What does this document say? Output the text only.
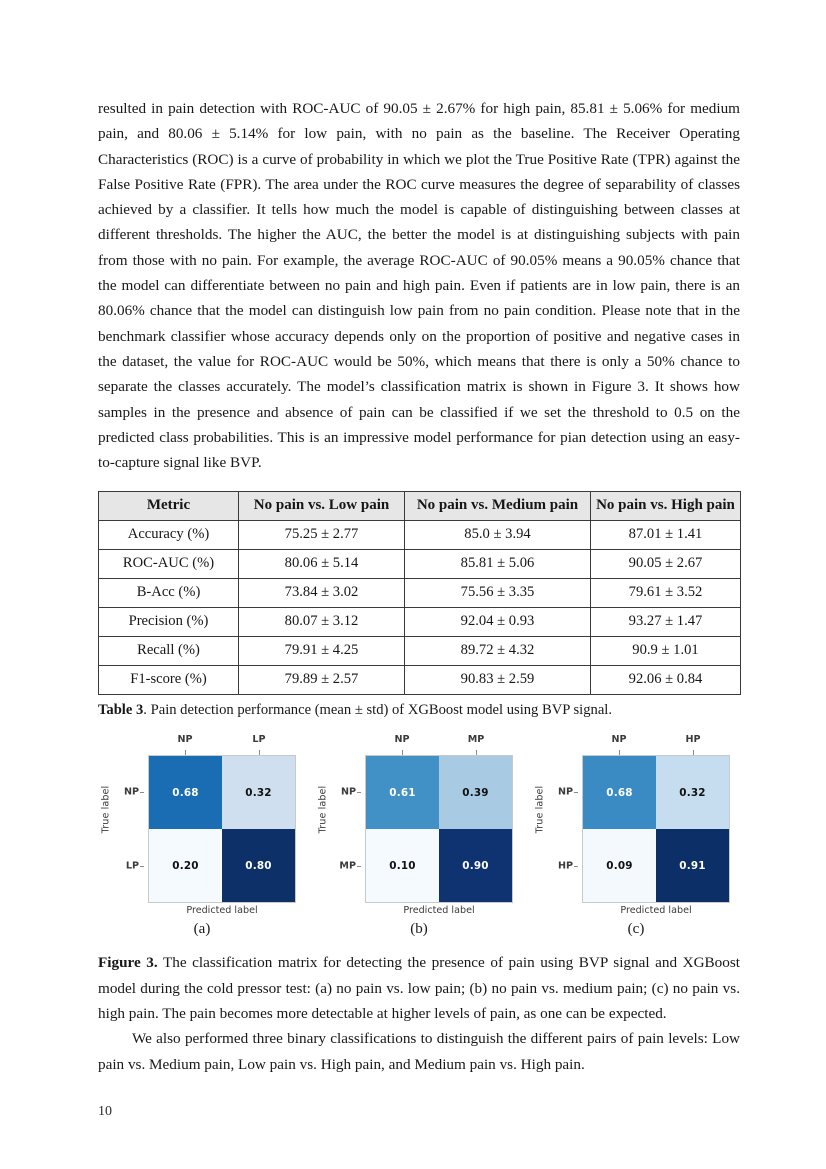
resulted in pain detection with ROC-AUC of 90.05 ± 2.67% for high pain, 85.81 ± 5.06% for medium pain, and 80.06 ± 5.14% for low pain, with no pain as the baseline. The Receiver Operating Characteristics (ROC) is a curve of probability in which we plot the True Positive Rate (TPR) against the False Positive Rate (FPR). The area under the ROC curve measures the degree of separability of classes achieved by a classifier. It tells how much the model is capable of distinguishing between classes at different thresholds. The higher the AUC, the better the model is at distinguishing subjects with pain from those with no pain. For example, the average ROC-AUC of 90.05% means a 90.05% chance that the model can differentiate between no pain and high pain. Even if patients are in low pain, there is an 80.06% chance that the model can distinguish low pain from no pain condition. Please note that in the benchmark classifier whose accuracy depends only on the proportion of positive and negative cases in the dataset, the value for ROC-AUC would be 50%, which means that there is only a 50% chance to separate the classes accurately. The model’s classification matrix is shown in Figure 3. It shows how samples in the presence and absence of pain can be classified if we set the threshold to 0.5 on the predicted class probabilities. This is an impressive model performance for pian detection using an easy-to-capture signal like BVP.

Metric	No pain vs. Low pain	No pain vs. Medium pain	No pain vs. High pain
Accuracy (%)	75.25 ± 2.77	85.0 ± 3.94	87.01 ± 1.41
ROC-AUC (%)	80.06 ± 5.14	85.81 ± 5.06	90.05 ± 2.67
B-Acc (%)	73.84 ± 3.02	75.56 ± 3.35	79.61 ± 3.52
Precision (%)	80.07 ± 3.12	92.04 ± 0.93	93.27 ± 1.47
Recall (%)	79.91 ± 4.25	89.72 ± 4.32	90.9 ± 1.01
F1-score (%)	79.89 ± 2.57	90.83 ± 2.59	92.06 ± 0.84
Table 3. Pain detection performance (mean ± std) of XGBoost model using BVP signal.
True label NP
LP
NP	LP
0.68	0.32
0.20	0.80
Predicted label
(a)
True label NP
MP
NP	MP
0.61	0.39
0.10	0.90
Predicted label
(b)
True label NP
HP
NP	HP
0.68	0.32
0.09	0.91
Predicted label
(c)
Figure 3. The classification matrix for detecting the presence of pain using BVP signal and XGBoost model during the cold pressor test: (a) no pain vs. low pain; (b) no pain vs. medium pain; (c) no pain vs. high pain. The pain becomes more detectable at higher levels of pain, as one can be expected.

We also performed three binary classifications to distinguish the different pairs of pain levels: Low pain vs. Medium pain, Low pain vs. High pain, and Medium pain vs. High pain.

10
